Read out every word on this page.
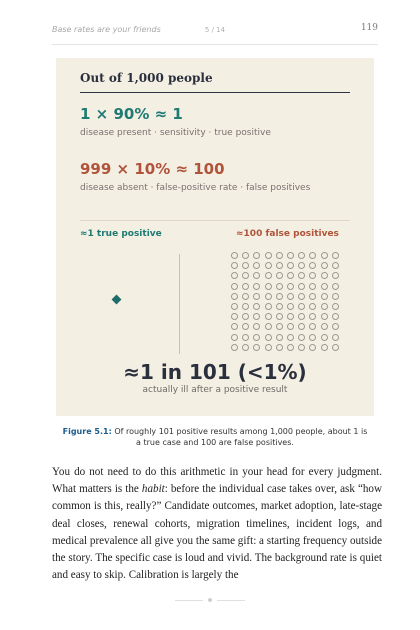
Base rates are your friends	5 / 14	119
Out of 1,000 people
1 × 90% ≈ 1
disease present · sensitivity · true positive
999 × 10% ≈ 100
disease absent · false-positive rate · false positives
≈1 true positive	≈100 false positives
≈1 in 101 (<1%)
actually ill after a positive result
Figure 5.1: Of roughly 101 positive results among 1,000 people, about 1 is a true case and 100 are false positives.
You do not need to do this arithmetic in your head for every judgment. What matters is the habit: before the individual case takes over, ask “how common is this, really?” Candidate outcomes, market adoption, late-stage deal closes, renewal cohorts, migration timelines, incident logs, and medical prevalence all give you the same gift: a starting frequency outside the story. The specific case is loud and vivid. The background rate is quiet and easy to skip. Calibration is largely the
